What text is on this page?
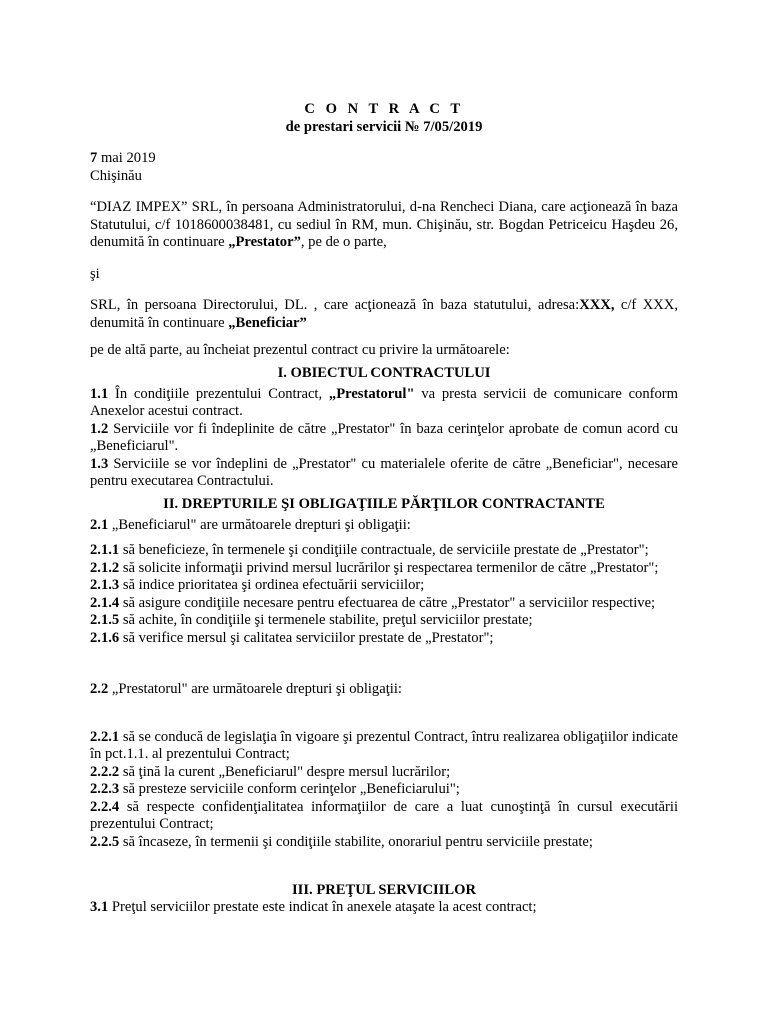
C O N T R A C T
de prestari servicii № 7/05/2019

7 mai 2019

Chişinău

“DIAZ IMPEX” SRL, în persoana Administratorului, d-na Rencheci Diana, care acţionează în baza Statutului, c/f 1018600038481, cu sediul în RM, mun. Chişinău, str. Bogdan Petriceicu Haşdeu 26, denumită în continuare „Prestator”, pe de o parte,

şi

SRL, în persoana Directorului, DL. , care acţionează în baza statutului, adresa:XXX, c/f XXX, denumită în continuare „Beneficiar”

pe de altă parte, au încheiat prezentul contract cu privire la următoarele:

I. OBIECTUL CONTRACTULUI

1.1 În condiţiile prezentului Contract, „Prestatorul" va presta servicii de comunicare conform Anexelor acestui contract.

1.2 Serviciile vor fi îndeplinite de către „Prestator" în baza cerinţelor aprobate de comun acord cu „Beneficiarul".

1.3 Serviciile se vor îndeplini de „Prestator" cu materialele oferite de către „Beneficiar", necesare pentru executarea Contractului.

II. DREPTURILE ŞI OBLIGAŢIILE PĂRŢILOR CONTRACTANTE

2.1 „Beneficiarul" are următoarele drepturi şi obligaţii:

2.1.1 să beneficieze, în termenele şi condiţiile contractuale, de serviciile prestate de „Prestator";

2.1.2 să solicite informaţii privind mersul lucrărilor şi respectarea termenilor de către „Prestator";

2.1.3 să indice prioritatea şi ordinea efectuării serviciilor;

2.1.4 să asigure condiţiile necesare pentru efectuarea de către „Prestator" a serviciilor respective;

2.1.5 să achite, în condiţiile şi termenele stabilite, preţul serviciilor prestate;

2.1.6 să verifice mersul şi calitatea serviciilor prestate de „Prestator";

2.2 „Prestatorul" are următoarele drepturi şi obligaţii:

2.2.1 să se conducă de legislaţia în vigoare şi prezentul Contract, întru realizarea obligaţiilor indicate în pct.1.1. al prezentului Contract;

2.2.2 să ţină la curent „Beneficiarul" despre mersul lucrărilor;

2.2.3 să presteze serviciile conform cerinţelor „Beneficiarului";

2.2.4 să respecte confidenţialitatea informaţiilor de care a luat cunoştinţă în cursul executării prezentului Contract;

2.2.5 să încaseze, în termenii şi condiţiile stabilite, onorariul pentru serviciile prestate;

III. PREŢUL SERVICIILOR

3.1 Preţul serviciilor prestate este indicat în anexele ataşate la acest contract;
